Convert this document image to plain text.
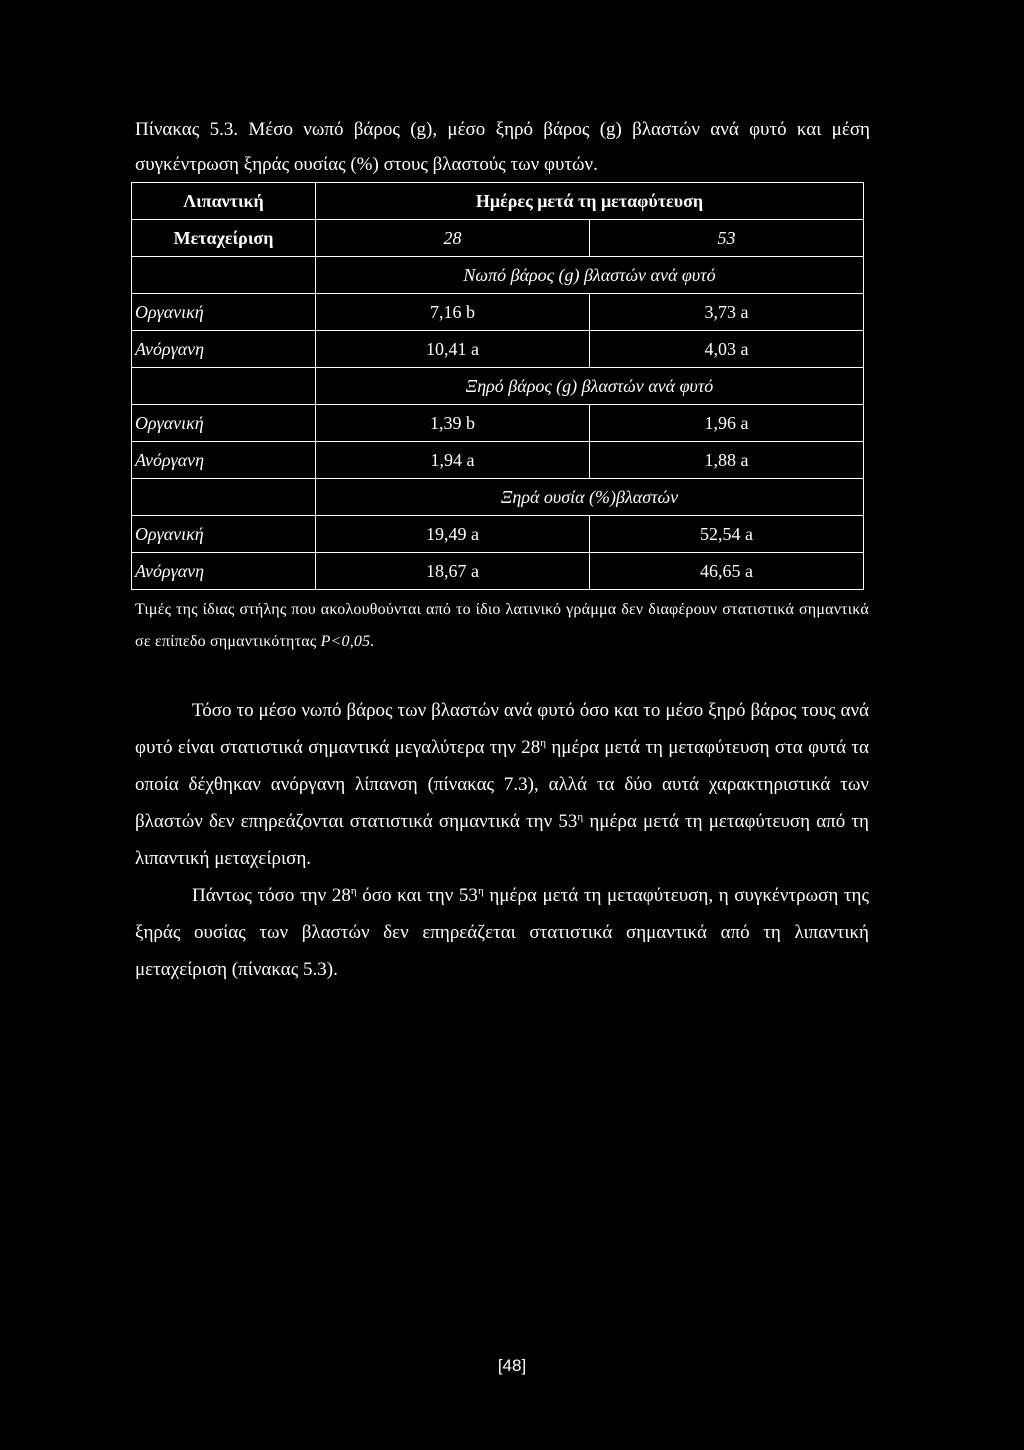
Πίνακας 5.3. Μέσο νωπό βάρος (g), μέσο ξηρό βάρος (g) βλαστών ανά φυτό και μέση συγκέντρωση ξηράς ουσίας (%) στους βλαστούς των φυτών.

Λιπαντική	Ημέρες μετά τη μεταφύτευση	
Μεταχείριση	28	53
	Νωπό βάρος (g) βλαστών ανά φυτό	
Οργανική	7,16 b	3,73 a
Ανόργανη	10,41 a	4,03 a
	Ξηρό βάρος (g) βλαστών ανά φυτό	
Οργανική	1,39 b	1,96 a
Ανόργανη	1,94 a	1,88 a
	Ξηρά ουσία (%)βλαστών	
Οργανική	19,49 a	52,54 a
Ανόργανη	18,67 a	46,65 a

Τιμές της ίδιας στήλης που ακολουθούνται από το ίδιο λατινικό γράμμα δεν διαφέρουν στατιστικά σημαντικά σε επίπεδο σημαντικότητας P<0,05.

Τόσο το μέσο νωπό βάρος των βλαστών ανά φυτό όσο και το μέσο ξηρό βάρος τους ανά φυτό είναι στατιστικά σημαντικά μεγαλύτερα την $28^\eta$ ημέρα μετά τη μεταφύτευση στα φυτά τα οποία δέχθηκαν ανόργανη λίπανση (πίνακας 7.3), αλλά τα δύο αυτά χαρακτηριστικά των βλαστών δεν επηρεάζονται στατιστικά σημαντικά την $53^\eta$ ημέρα μετά τη μεταφύτευση από τη λιπαντική μεταχείριση.

Πάντως τόσο την $28^\eta$ όσο και την $53^\eta$ ημέρα μετά τη μεταφύτευση, η συγκέντρωση της ξηράς ουσίας των βλαστών δεν επηρεάζεται στατιστικά σημαντικά από τη λιπαντική μεταχείριση (πίνακας 5.3).

[48]
